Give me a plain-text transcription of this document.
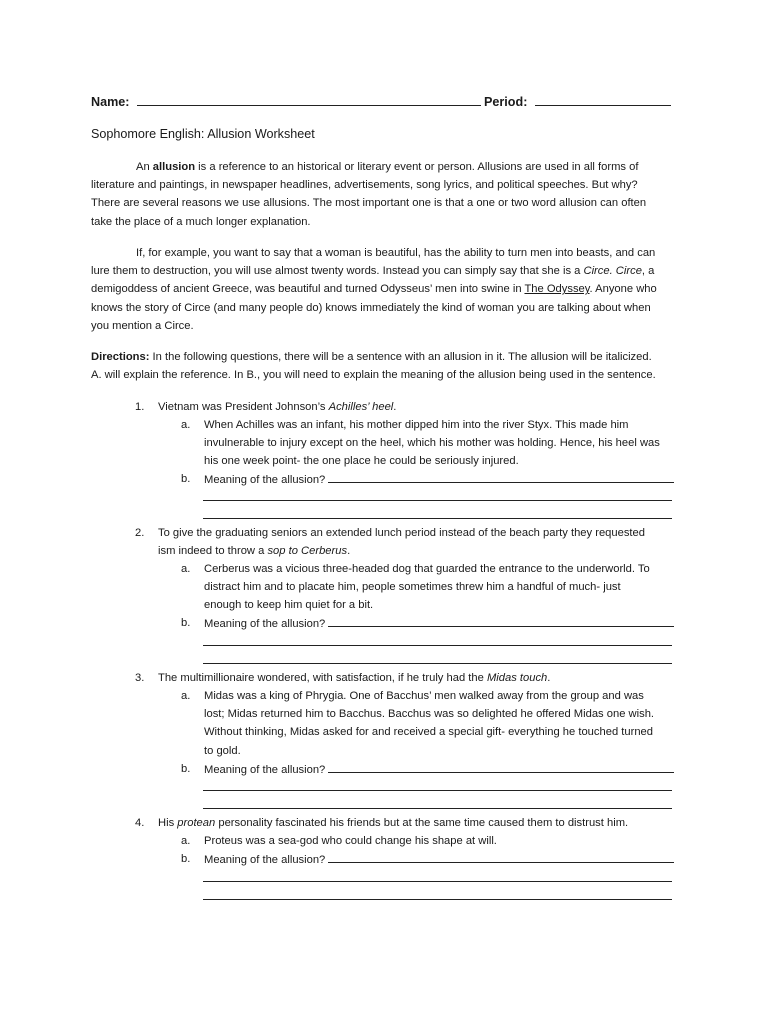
Name:	Period:
Sophomore English: Allusion Worksheet
An allusion is a reference to an historical or literary event or person. Allusions are used in all forms of
literature and paintings, in newspaper headlines, advertisements, song lyrics, and political speeches. But why?
There are several reasons we use allusions. The most important one is that a one or two word allusion can often
take the place of a much longer explanation.
If, for example, you want to say that a woman is beautiful, has the ability to turn men into beasts, and can
lure them to destruction, you will use almost twenty words. Instead you can simply say that she is a Circe. Circe, a
demigoddess of ancient Greece, was beautiful and turned Odysseus’ men into swine in The Odyssey. Anyone who
knows the story of Circe (and many people do) knows immediately the kind of woman you are talking about when
you mention a Circe.
Directions: In the following questions, there will be a sentence with an allusion in it. The allusion will be italicized.
A. will explain the reference. In B., you will need to explain the meaning of the allusion being used in the sentence.
1.	Vietnam was President Johnson’s Achilles’ heel.
a.	When Achilles was an infant, his mother dipped him into the river Styx. This made him
invulnerable to injury except on the heel, which his mother was holding. Hence, his heel was
his one week point- the one place he could be seriously injured.
b.	Meaning of the allusion?
2.	To give the graduating seniors an extended lunch period instead of the beach party they requested
ism indeed to throw a sop to Cerberus.
a.	Cerberus was a vicious three-headed dog that guarded the entrance to the underworld. To
distract him and to placate him, people sometimes threw him a handful of much- just
enough to keep him quiet for a bit.
b.	Meaning of the allusion?
3.	The multimillionaire wondered, with satisfaction, if he truly had the Midas touch.
a.	Midas was a king of Phrygia. One of Bacchus’ men walked away from the group and was
lost; Midas returned him to Bacchus. Bacchus was so delighted he offered Midas one wish.
Without thinking, Midas asked for and received a special gift- everything he touched turned
to gold.
b.	Meaning of the allusion?
4.	His protean personality fascinated his friends but at the same time caused them to distrust him.
a.	Proteus was a sea-god who could change his shape at will.
b.	Meaning of the allusion?
